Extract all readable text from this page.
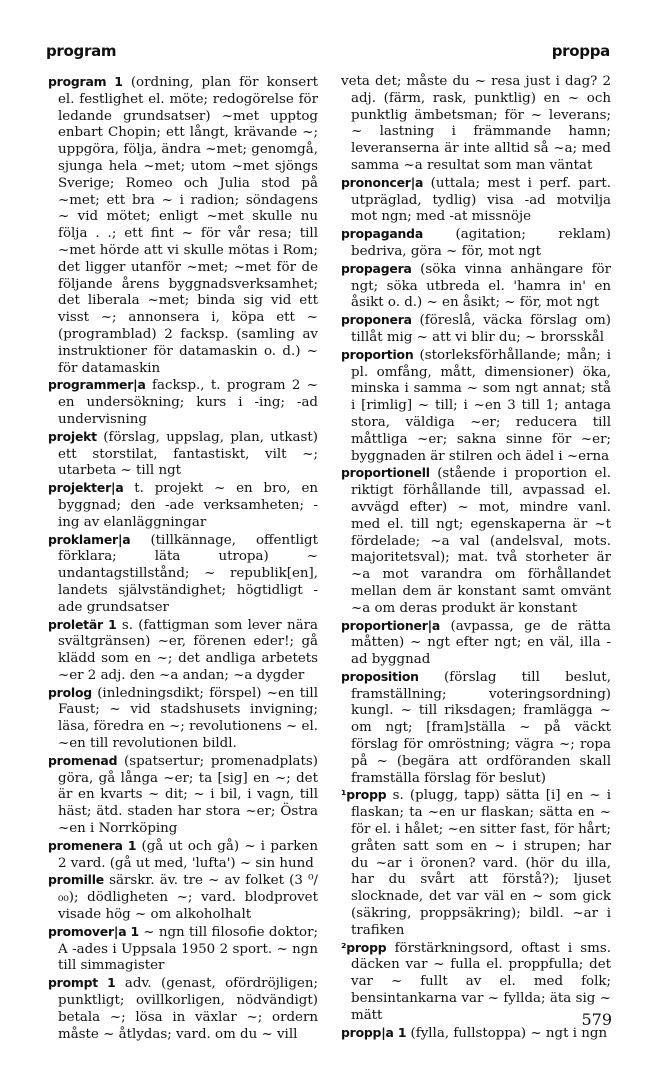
program	proppa
program 1 (ordning, plan för konsert el. festlighet el. möte; redogörelse för ledande grundsatser) ~met upptog enbart Chopin; ett långt, krävande ~; uppgöra, följa, ändra ~met; genomgå, sjunga hela ~met; utom ~met sjöngs Sverige; Romeo och Julia stod på ~met; ett bra ~ i radion; söndagens ~ vid mötet; enligt ~met skulle nu följa . .; ett fint ~ för vår resa; till ~met hörde att vi skulle mötas i Rom; det ligger utanför ~met; ~met för de följande årens byggnadsverksamhet; det liberala ~met; binda sig vid ett visst ~; annonsera i, köpa ett ~ (programblad) 2 facksp. (samling av instruktioner för datamaskin o. d.) ~ för datamaskin
programmer|a facksp., t. program 2 ~ en undersökning; kurs i -ing; -ad undervisning
projekt (förslag, uppslag, plan, utkast) ett storstilat, fantastiskt, vilt ~; utarbeta ~ till ngt
projekter|a t. projekt ~ en bro, en byggnad; den -ade verksamheten; -ing av elanläggningar
proklamer|a (tillkännage, offentligt förklara; läta utropa) ~ undantagstillstånd; ~ republik[en], landets självständighet; högtidligt -ade grundsatser
proletär 1 s. (fattigman som lever nära svältgränsen) ~er, förenen eder!; gå klädd som en ~; det andliga arbetets ~er 2 adj. den ~a andan; ~a dygder
prolog (inledningsdikt; förspel) ~en till Faust; ~ vid stadshusets invigning; läsa, föredra en ~; revolutionens ~ el. ~en till revolutionen bildl.
promenad (spatsertur; promenadplats) göra, gå långa ~er; ta [sig] en ~; det är en kvarts ~ dit; ~ i bil, i vagn, till häst; ätd. staden har stora ~er; Östra ~en i Norrköping
promenera 1 (gå ut och gå) ~ i parken 2 vard. (gå ut med, 'lufta') ~ sin hund
promille särskr. äv. tre ~ av folket (3 ⁰/₀₀); dödligheten ~; vard. blodprovet visade hög ~ om alkoholhalt
promover|a 1 ~ ngn till filosofie doktor; A -ades i Uppsala 1950 2 sport. ~ ngn till simmagister
prompt 1 adv. (genast, ofördröjligen; punktligt; ovillkorligen, nödvändigt) betala ~; lösa in växlar ~; ordern måste ~ åtlydas; vard. om du ~ vill
veta det; måste du ~ resa just i dag? 2 adj. (färm, rask, punktlig) en ~ och punktlig ämbetsman; för ~ leverans; ~ lastning i främmande hamn; leveranserna är inte alltid så ~a; med samma ~a resultat som man väntat
prononcer|a (uttala; mest i perf. part. utpräglad, tydlig) visa -ad motvilja mot ngn; med -at missnöje
propaganda (agitation; reklam) bedriva, göra ~ för, mot ngt
propagera (söka vinna anhängare för ngt; söka utbreda el. 'hamra in' en åsikt o. d.) ~ en åsikt; ~ för, mot ngt
proponera (föreslå, väcka förslag om) tillåt mig ~ att vi blir du; ~ brorsskål
proportion (storleksförhållande; mån; i pl. omfång, mått, dimensioner) öka, minska i samma ~ som ngt annat; stå i [rimlig] ~ till; i ~en 3 till 1; antaga stora, väldiga ~er; reducera till måttliga ~er; sakna sinne för ~er; byggnaden är stilren och ädel i ~erna
proportionell (stående i proportion el. riktigt förhållande till, avpassad el. avvägd efter) ~ mot, mindre vanl. med el. till ngt; egenskaperna är ~t fördelade; ~a val (andelsval, mots. majoritetsval); mat. två storheter är ~a mot varandra om förhållandet mellan dem är konstant samt omvänt ~a om deras produkt är konstant
proportioner|a (avpassa, ge de rätta måtten) ~ ngt efter ngt; en väl, illa -ad byggnad
proposition (förslag till beslut, framställning; voteringsordning) kungl. ~ till riksdagen; framlägga ~ om ngt; [fram]ställa ~ på väckt förslag för omröstning; vägra ~; ropa på ~ (begära att ordföranden skall framställa förslag för beslut)
¹propp s. (plugg, tapp) sätta [i] en ~ i flaskan; ta ~en ur flaskan; sätta en ~ för el. i hålet; ~en sitter fast, för hårt; gråten satt som en ~ i strupen; har du ~ar i öronen? vard. (hör du illa, har du svårt att förstå?); ljuset slocknade, det var väl en ~ som gick (säkring, proppsäkring); bildl. ~ar i trafiken
²propp förstärkningsord, oftast i sms. däcken var ~ fulla el. proppfulla; det var ~ fullt av el. med folk; bensintankarna var ~ fyllda; äta sig ~ mätt
propp|a 1 (fylla, fullstoppa) ~ ngt i ngn
579
